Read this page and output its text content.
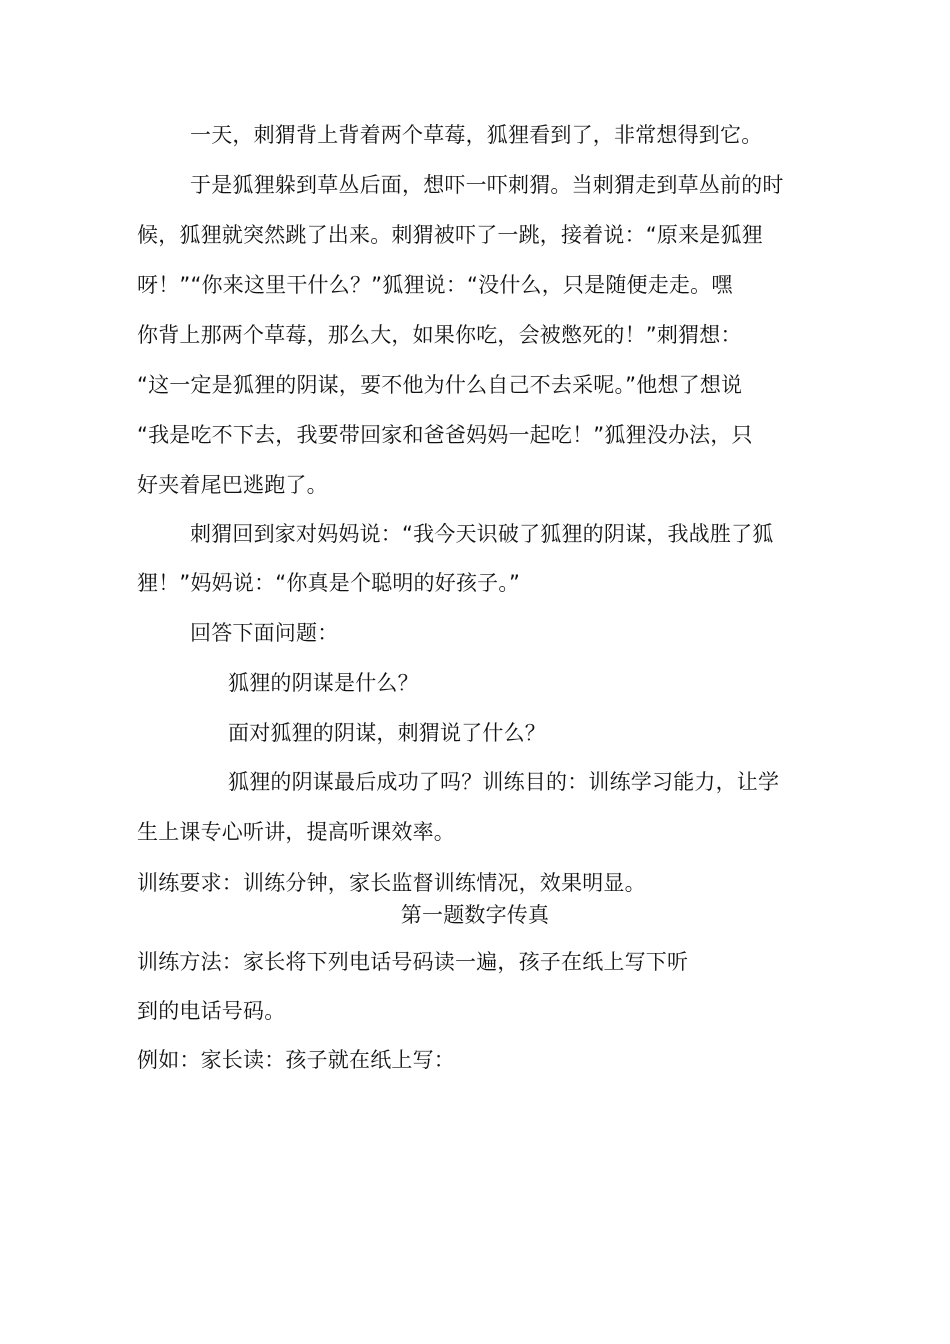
一天，刺猬背上背着两个草莓，狐狸看到了，非常想得到它。
于是狐狸躲到草丛后面，想吓一吓刺猬。当刺猬走到草丛前的时
候，狐狸就突然跳了出来。刺猬被吓了一跳，接着说：“原来是狐狸
呀！”“你来这里干什么？”狐狸说：“没什么，只是随便走走。嘿
你背上那两个草莓，那么大，如果你吃，会被憋死的！”刺猬想：
“这一定是狐狸的阴谋，要不他为什么自己不去采呢。”他想了想说
“我是吃不下去，我要带回家和爸爸妈妈一起吃！”狐狸没办法，只
好夹着尾巴逃跑了。
刺猬回到家对妈妈说：“我今天识破了狐狸的阴谋，我战胜了狐
狸！”妈妈说：“你真是个聪明的好孩子。”
回答下面问题：
狐狸的阴谋是什么？
面对狐狸的阴谋，刺猬说了什么？
狐狸的阴谋最后成功了吗？训练目的：训练学习能力，让学
生上课专心听讲，提高听课效率。
训练要求：训练分钟，家长监督训练情况，效果明显。
第一题数字传真
训练方法：家长将下列电话号码读一遍，孩子在纸上写下听
到的电话号码。
例如：家长读：孩子就在纸上写：
